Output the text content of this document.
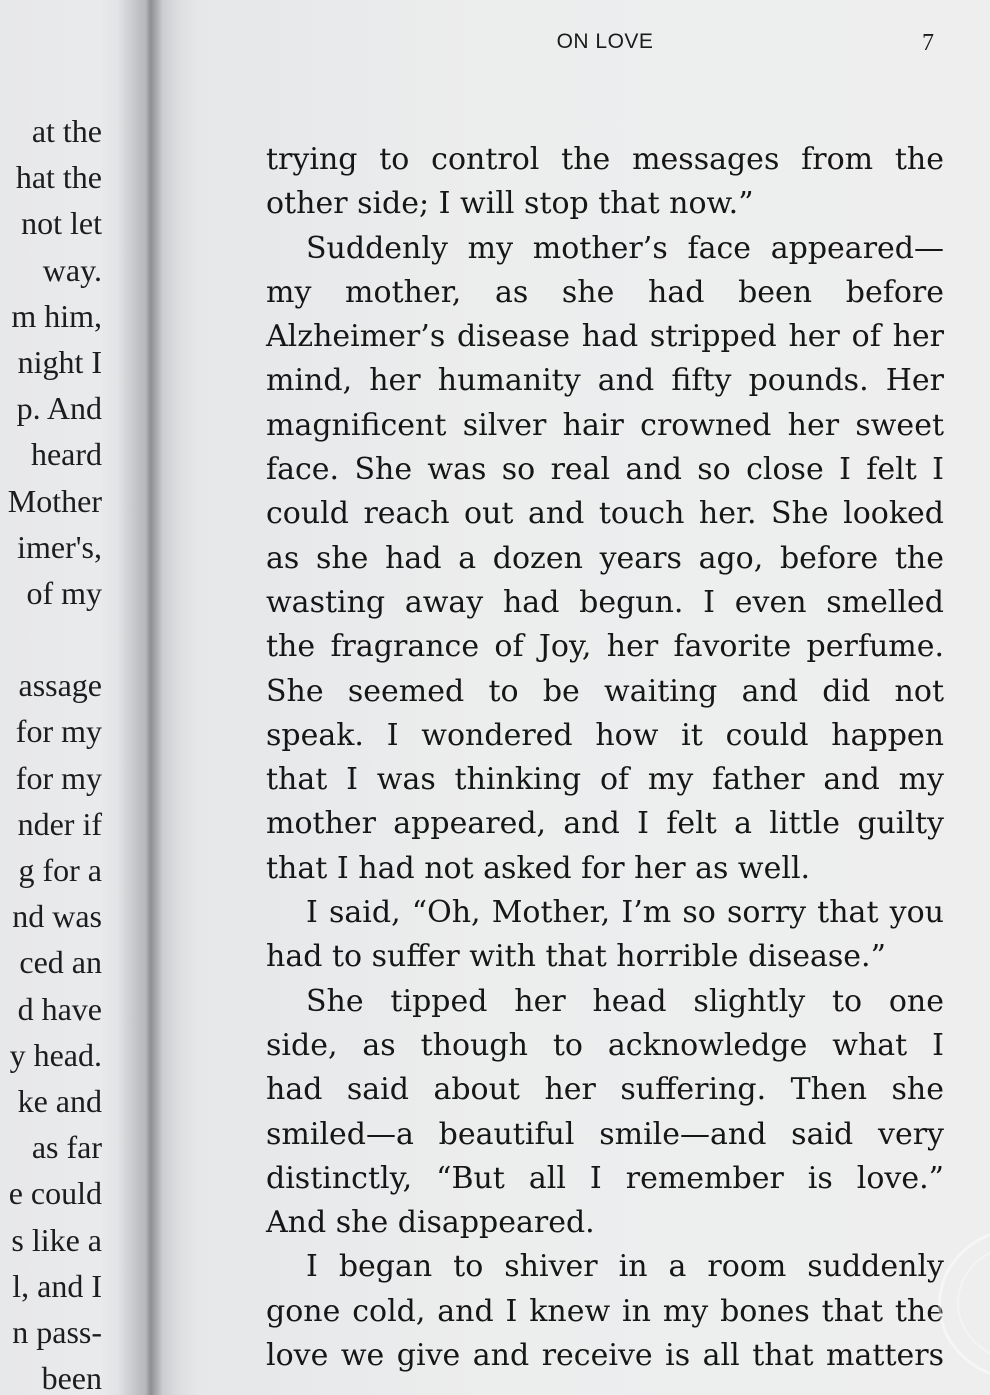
at the
hat the
not let
way.
m him,
night I
p. And
heard
Mother
imer's,
of my
assage
for my
for my
nder if
g for a
nd was
ced an
d have
y head.
ke and
as far
e could
s like a
l, and I
n pass-
been
ON LOVE	7
trying to control the messages from the
other side; I will stop that now.”
Suddenly my mother’s face appeared—
my mother, as she had been before
Alzheimer’s disease had stripped her of her
mind, her humanity and fifty pounds. Her
magnificent silver hair crowned her sweet
face. She was so real and so close I felt I
could reach out and touch her. She looked
as she had a dozen years ago, before the
wasting away had begun. I even smelled
the fragrance of Joy, her favorite perfume.
She seemed to be waiting and did not
speak. I wondered how it could happen
that I was thinking of my father and my
mother appeared, and I felt a little guilty
that I had not asked for her as well.
I said, “Oh, Mother, I’m so sorry that you
had to suffer with that horrible disease.”
She tipped her head slightly to one
side, as though to acknowledge what I
had said about her suffering. Then she
smiled—a beautiful smile—and said very
distinctly, “But all I remember is love.”
And she disappeared.
I began to shiver in a room suddenly
gone cold, and I knew in my bones that the
love we give and receive is all that matters
